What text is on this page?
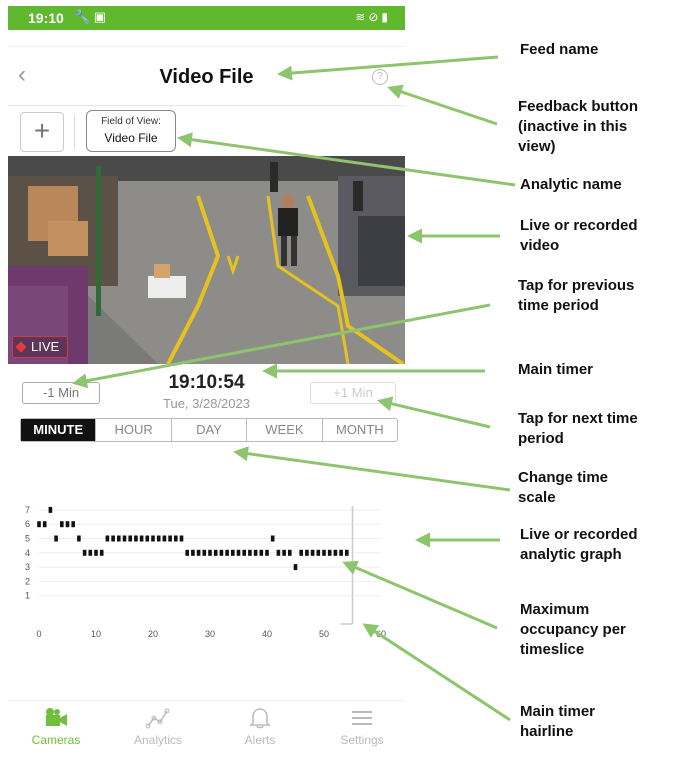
19:10 🔧 ▣	≋⊘▮
‹	Video File	?
+	Field of View:
Video File
LIVE
-1 Min	19:10:54
Tue, 3/28/2023
+1 Min
MINUTE	HOUR	DAY	WEEK	MONTH
1
2
3
4
5
6
7
0	10	20	30	40	50	60
Cameras	Analytics	Alerts	Settings
Feed name
Feedback button (inactive in this view)
Analytic name
Live or recorded video
Tap for previous time period
Main timer
Tap for next time period
Change time scale
Live or recorded analytic graph
Maximum occupancy per timeslice
Main timer hairline
